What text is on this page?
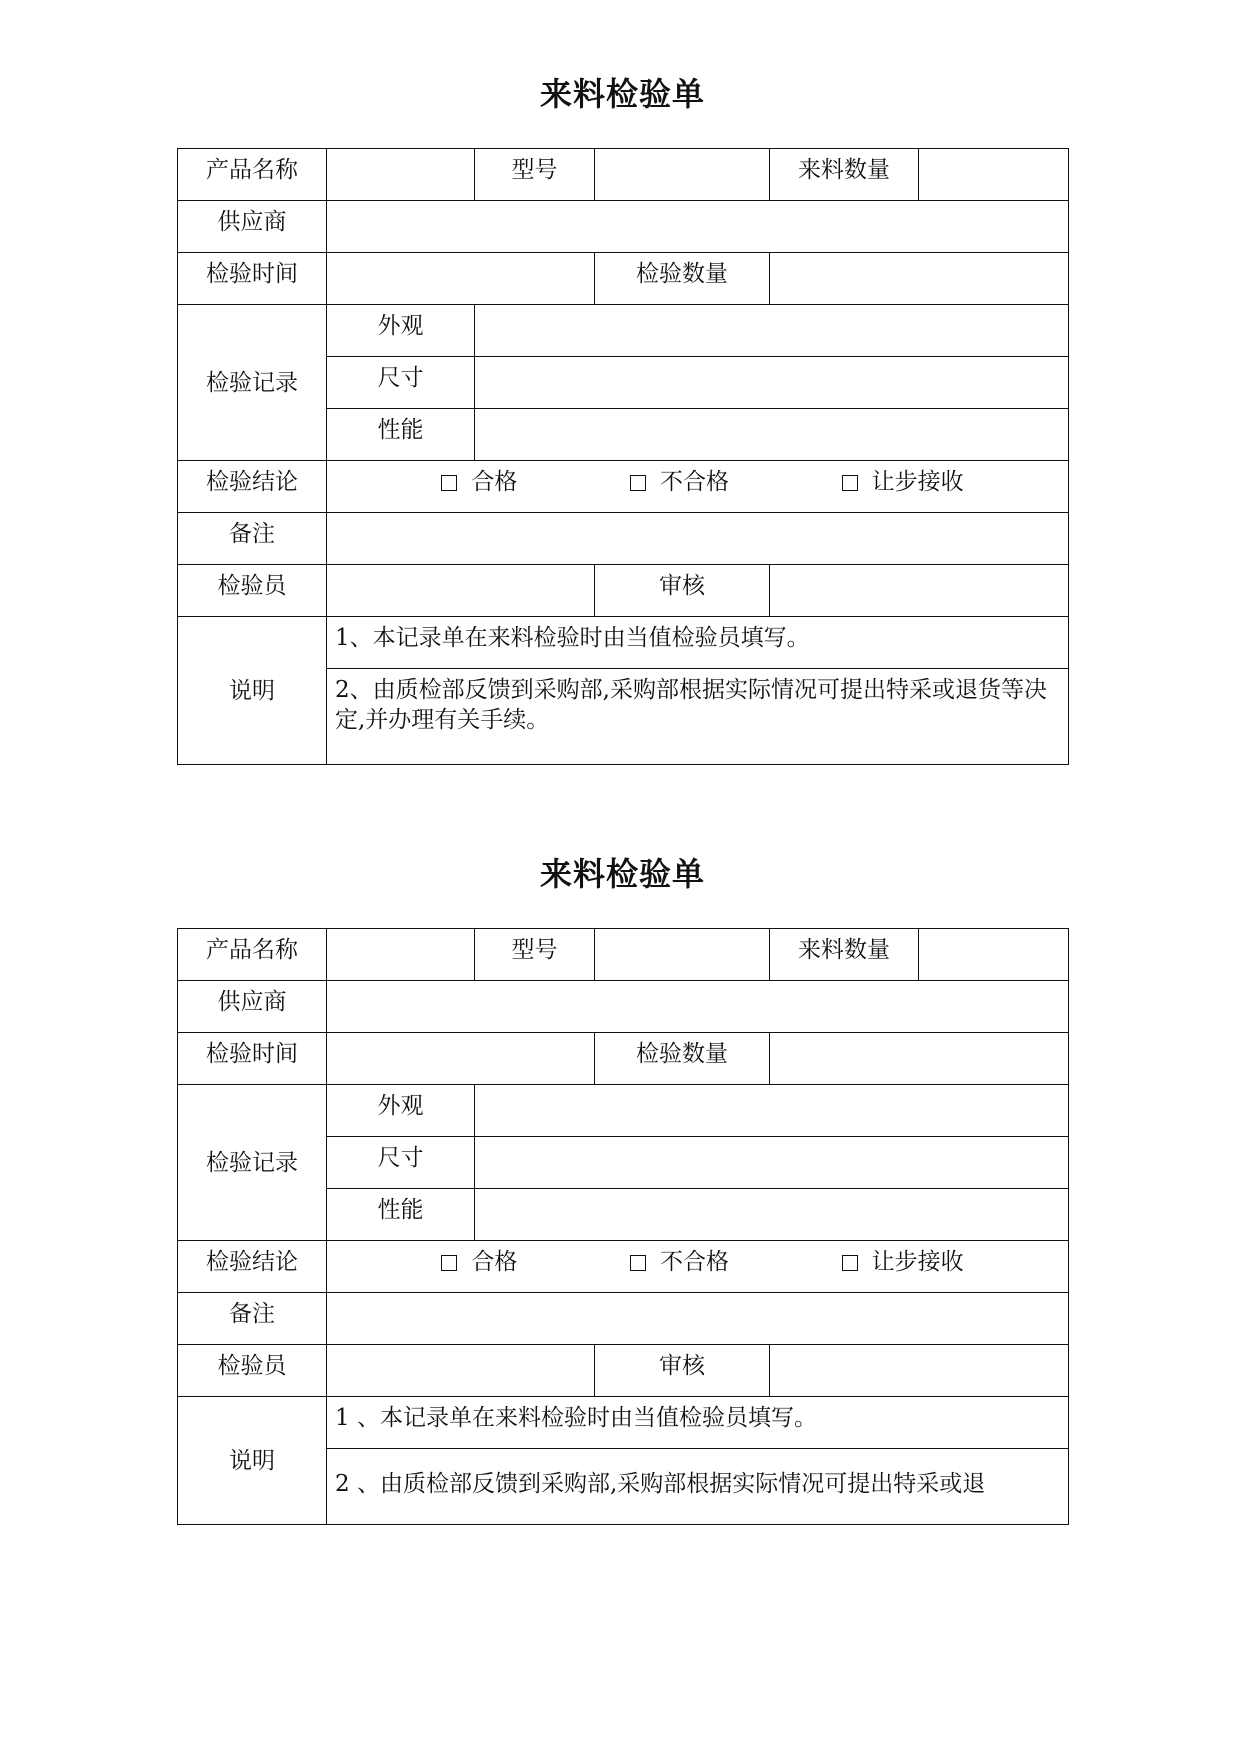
来料检验单
产品名称		型号		来料数量	
供应商					
检验时间			检验数量		
检验记录	外观				
	尺寸				
	性能				
检验结论	合格 不合格 让步接收				

备注					
检验员			审核		
说明	1、本记录单在来料检验时由当值检验员填写。				
	2、由质检部反馈到采购部,采购部根据实际情况可提出特采或退货等决定,并办理有关手续。				
来料检验单
产品名称		型号		来料数量	
供应商					
检验时间			检验数量		
检验记录	外观				
	尺寸				
	性能				
检验结论	合格 不合格 让步接收				

备注					
检验员			审核		
说明	1 、本记录单在来料检验时由当值检验员填写。				
	2 、由质检部反馈到采购部,采购部根据实际情况可提出特采或退				
